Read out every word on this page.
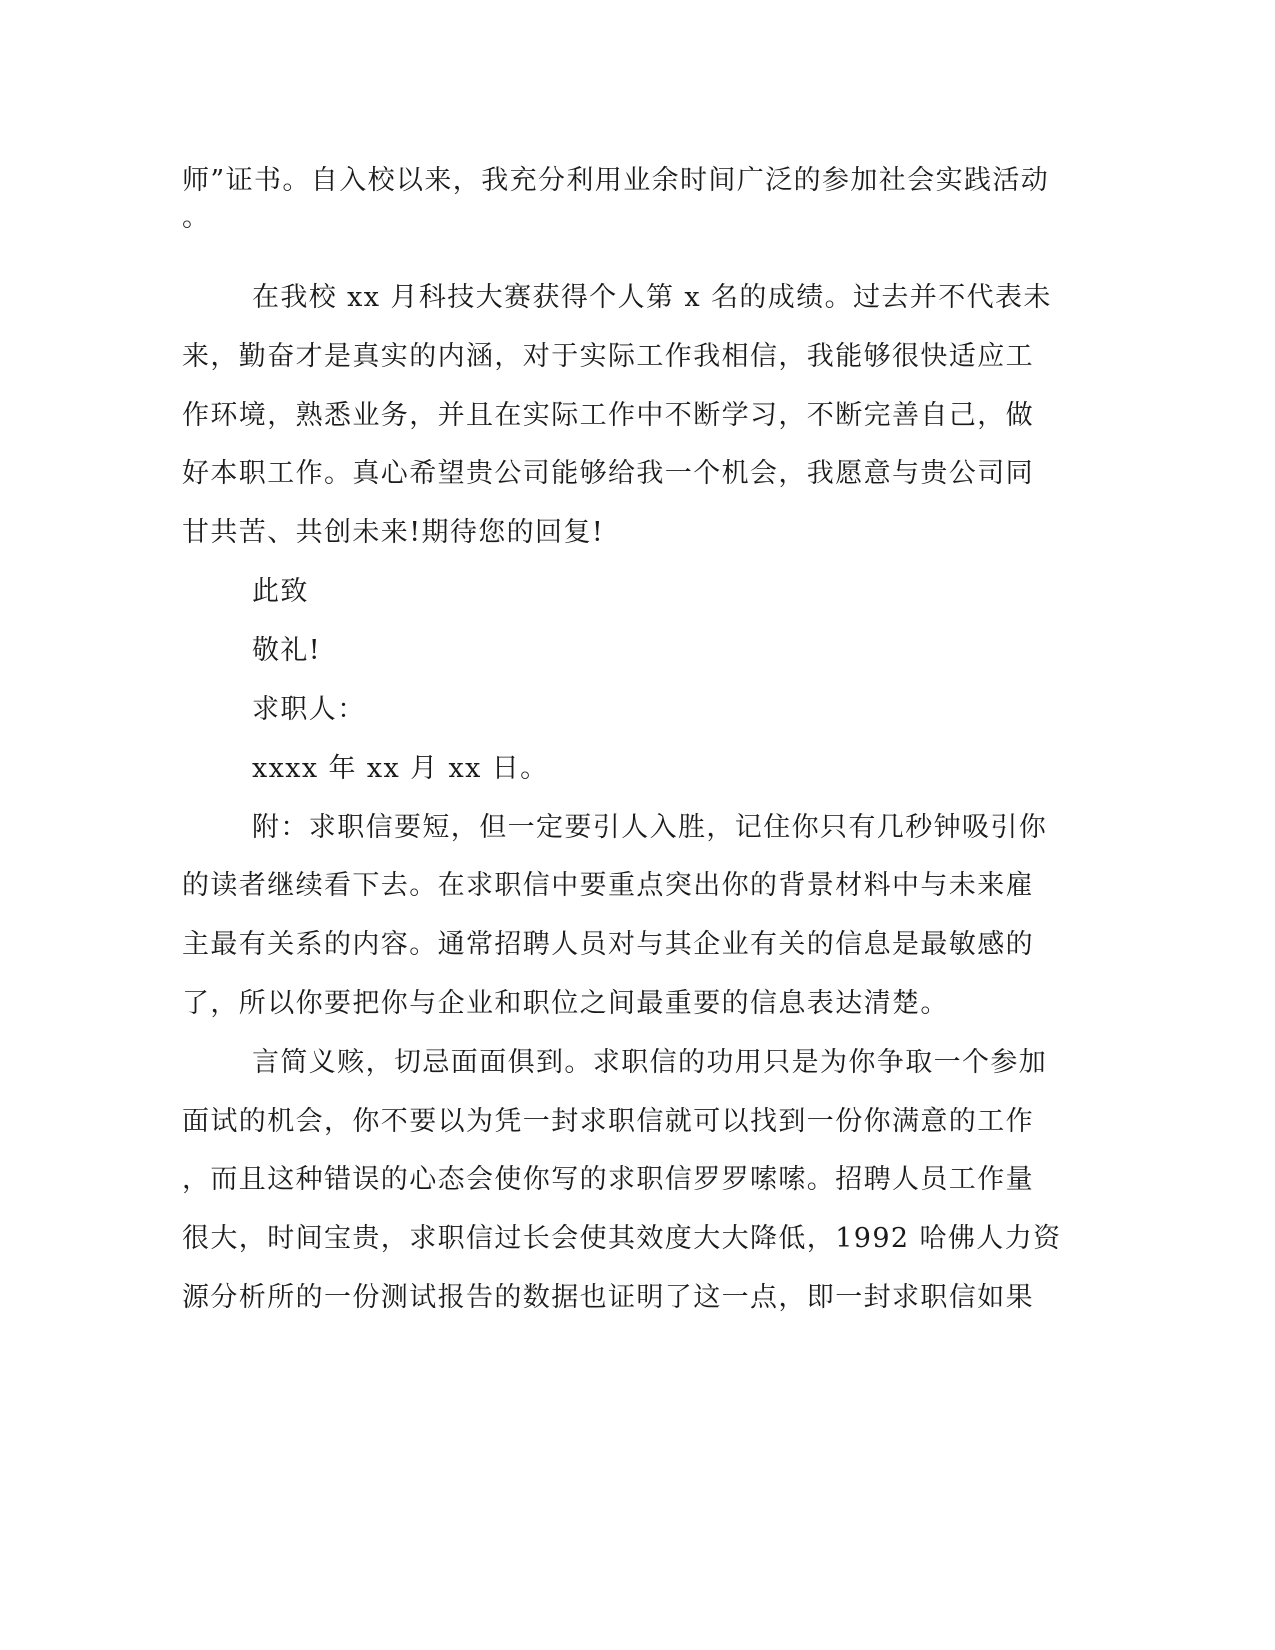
师”证书。自入校以来，我充分利用业余时间广泛的参加社会实践活动
。
在我校 xx 月科技大赛获得个人第 x 名的成绩。过去并不代表未
来，勤奋才是真实的内涵，对于实际工作我相信，我能够很快适应工
作环境，熟悉业务，并且在实际工作中不断学习，不断完善自己，做
好本职工作。真心希望贵公司能够给我一个机会，我愿意与贵公司同
甘共苦、共创未来!期待您的回复!
此致
敬礼!
求职人：
xxxx 年 xx 月 xx 日。
附：求职信要短，但一定要引人入胜，记住你只有几秒钟吸引你
的读者继续看下去。在求职信中要重点突出你的背景材料中与未来雇
主最有关系的内容。通常招聘人员对与其企业有关的信息是最敏感的
了，所以你要把你与企业和职位之间最重要的信息表达清楚。
言简义赅，切忌面面俱到。求职信的功用只是为你争取一个参加
面试的机会，你不要以为凭一封求职信就可以找到一份你满意的工作
，而且这种错误的心态会使你写的求职信罗罗嗦嗦。招聘人员工作量
很大，时间宝贵，求职信过长会使其效度大大降低，1992 哈佛人力资
源分析所的一份测试报告的数据也证明了这一点，即一封求职信如果
